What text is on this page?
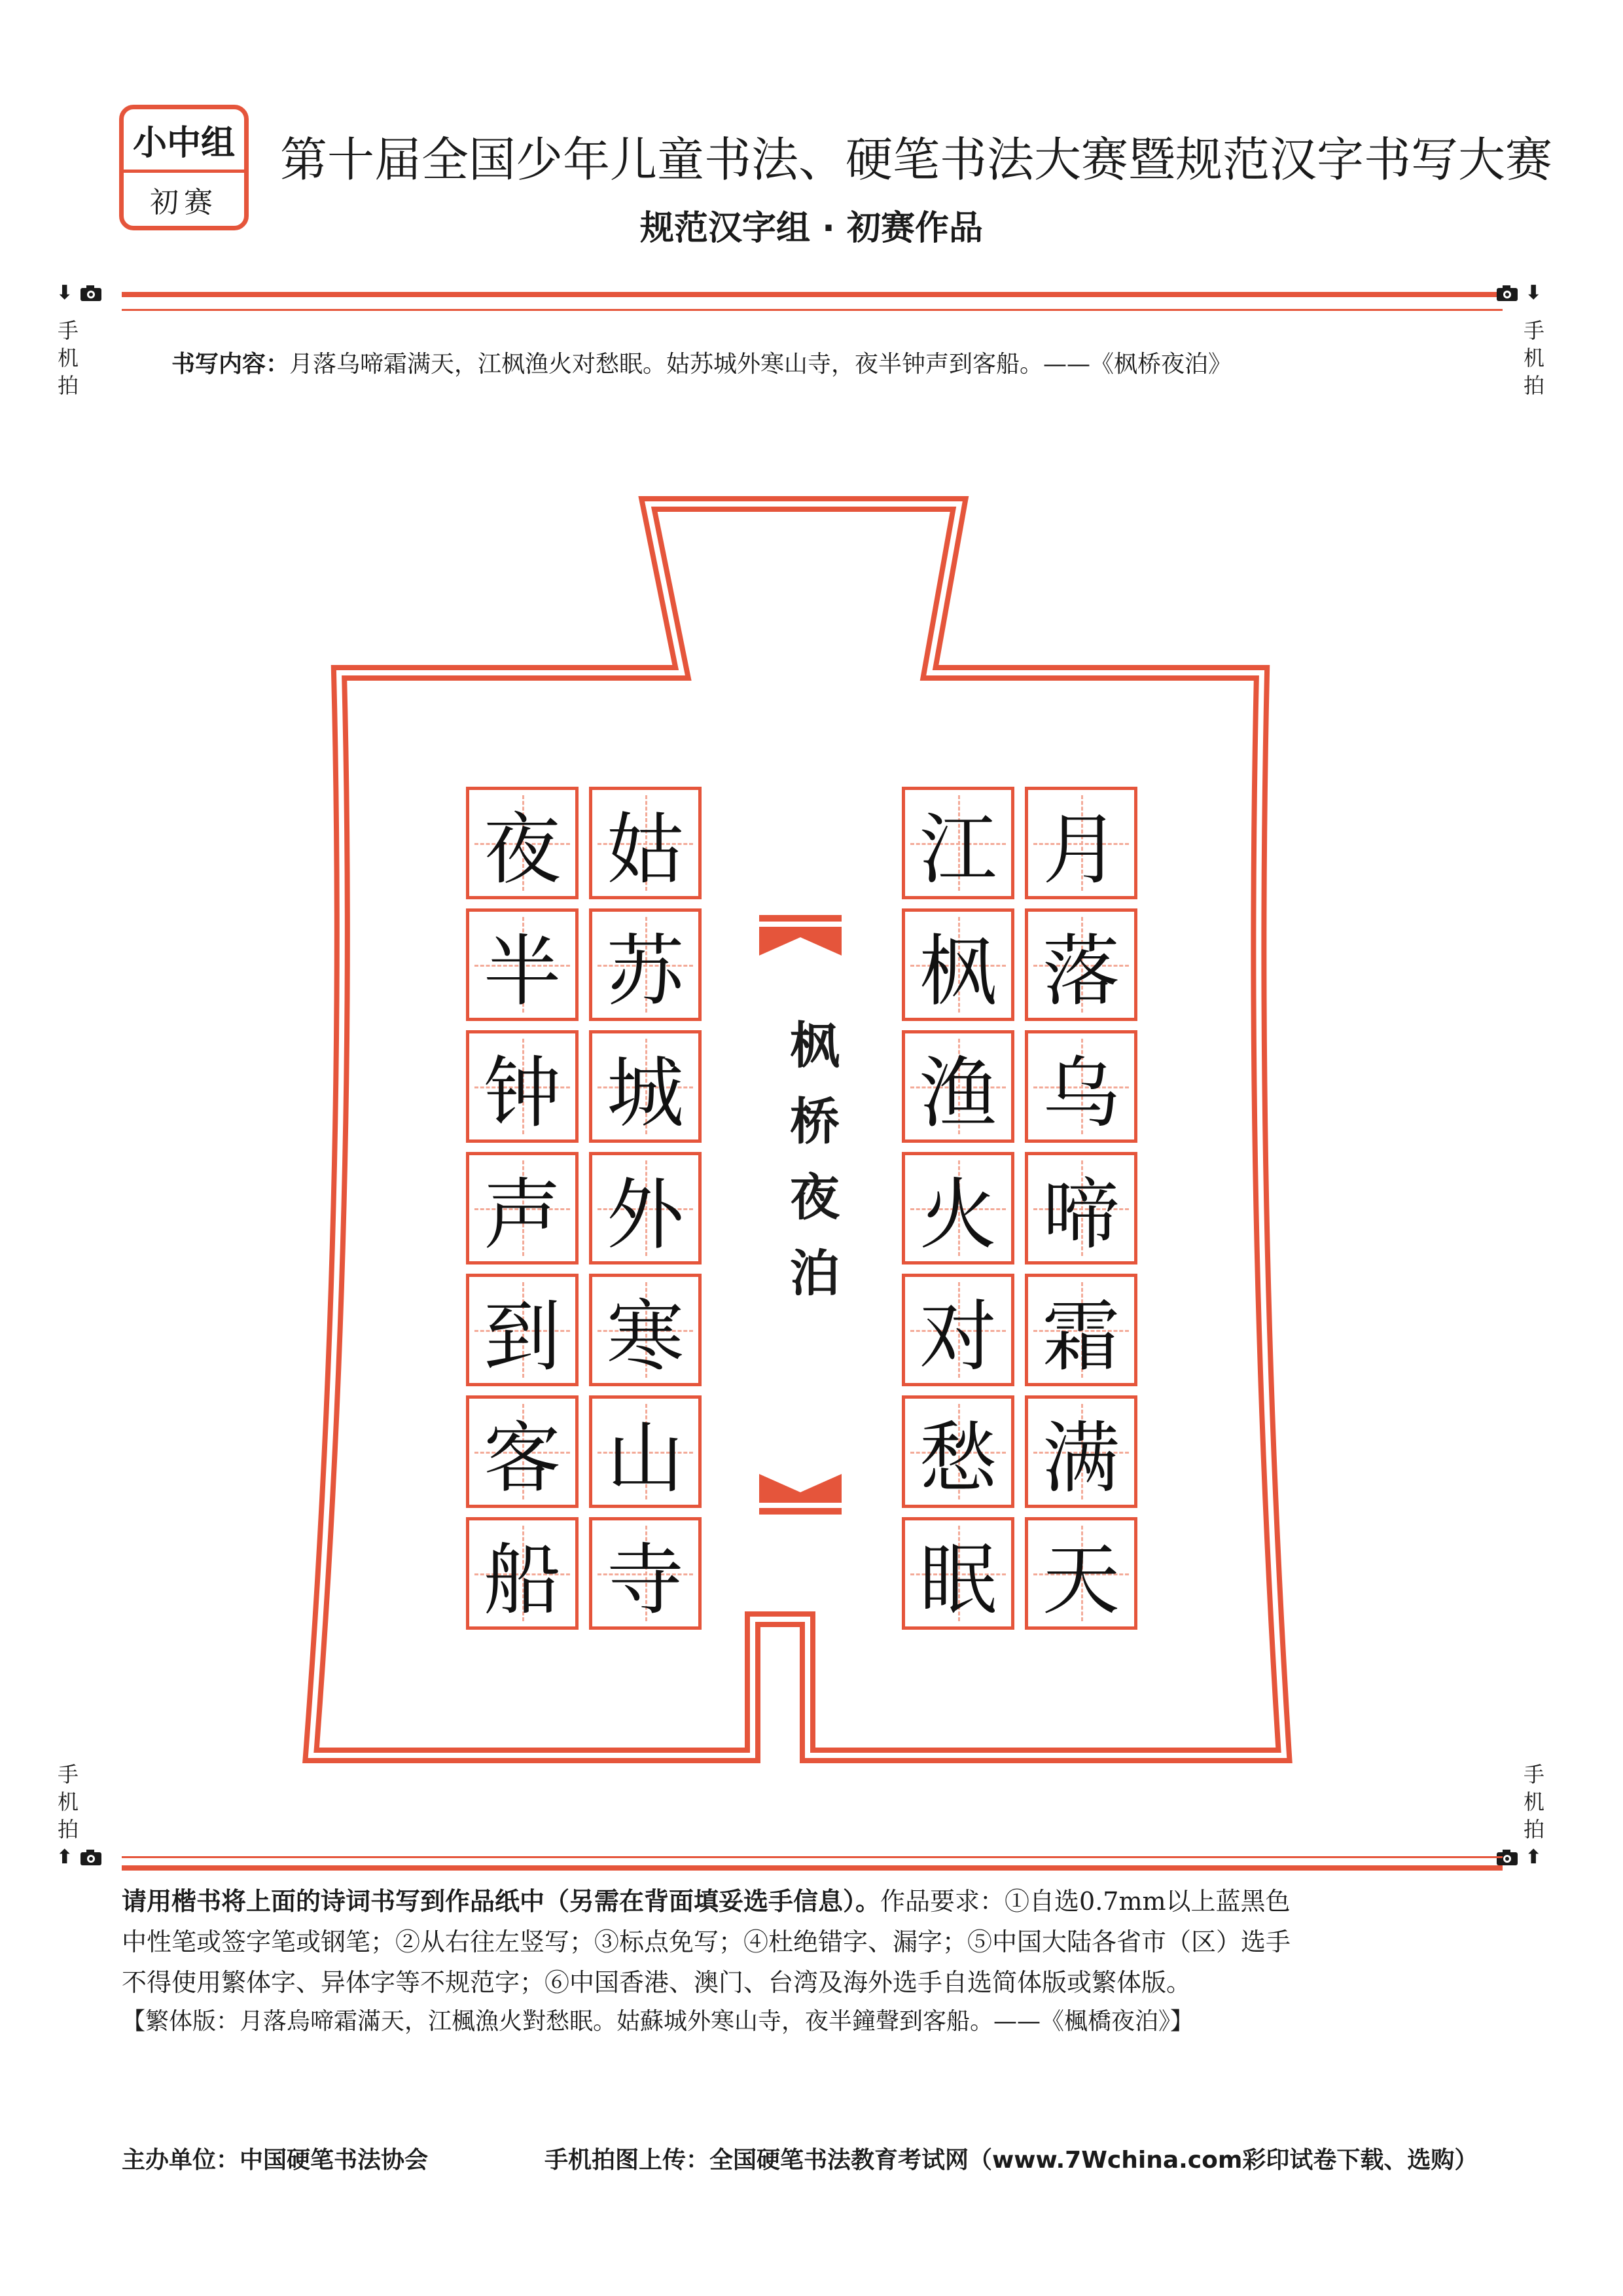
小中组
初赛
第十届全国少年儿童书法、硬笔书法大赛暨规范汉字书写大赛
规范汉字组 · 初赛作品
⬇
手机拍
⬇
手机拍
书写内容：月落乌啼霜满天，江枫渔火对愁眠。姑苏城外寒山寺，夜半钟声到客船。——《枫桥夜泊》
月
落
乌
啼
霜
满
天
江
枫
渔
火
对
愁
眠
姑
苏
城
外
寒
山
寺
夜
半
钟
声
到
客
船
枫
桥
夜
泊
手机拍
⬆
手机拍
⬆
请用楷书将上面的诗词书写到作品纸中（另需在背面填妥选手信息）。作品要求：①自选0.7mm以上蓝黑色
中性笔或签字笔或钢笔；②从右往左竖写；③标点免写；④杜绝错字、漏字；⑤中国大陆各省市（区）选手
不得使用繁体字、异体字等不规范字；⑥中国香港、澳门、台湾及海外选手自选简体版或繁体版。
【繁体版：月落烏啼霜滿天，江楓漁火對愁眠。姑蘇城外寒山寺，夜半鐘聲到客船。——《楓橋夜泊》】
主办单位：中国硬笔书法协会	手机拍图上传：全国硬笔书法教育考试网（www.7Wchina.com彩印试卷下载、选购）
